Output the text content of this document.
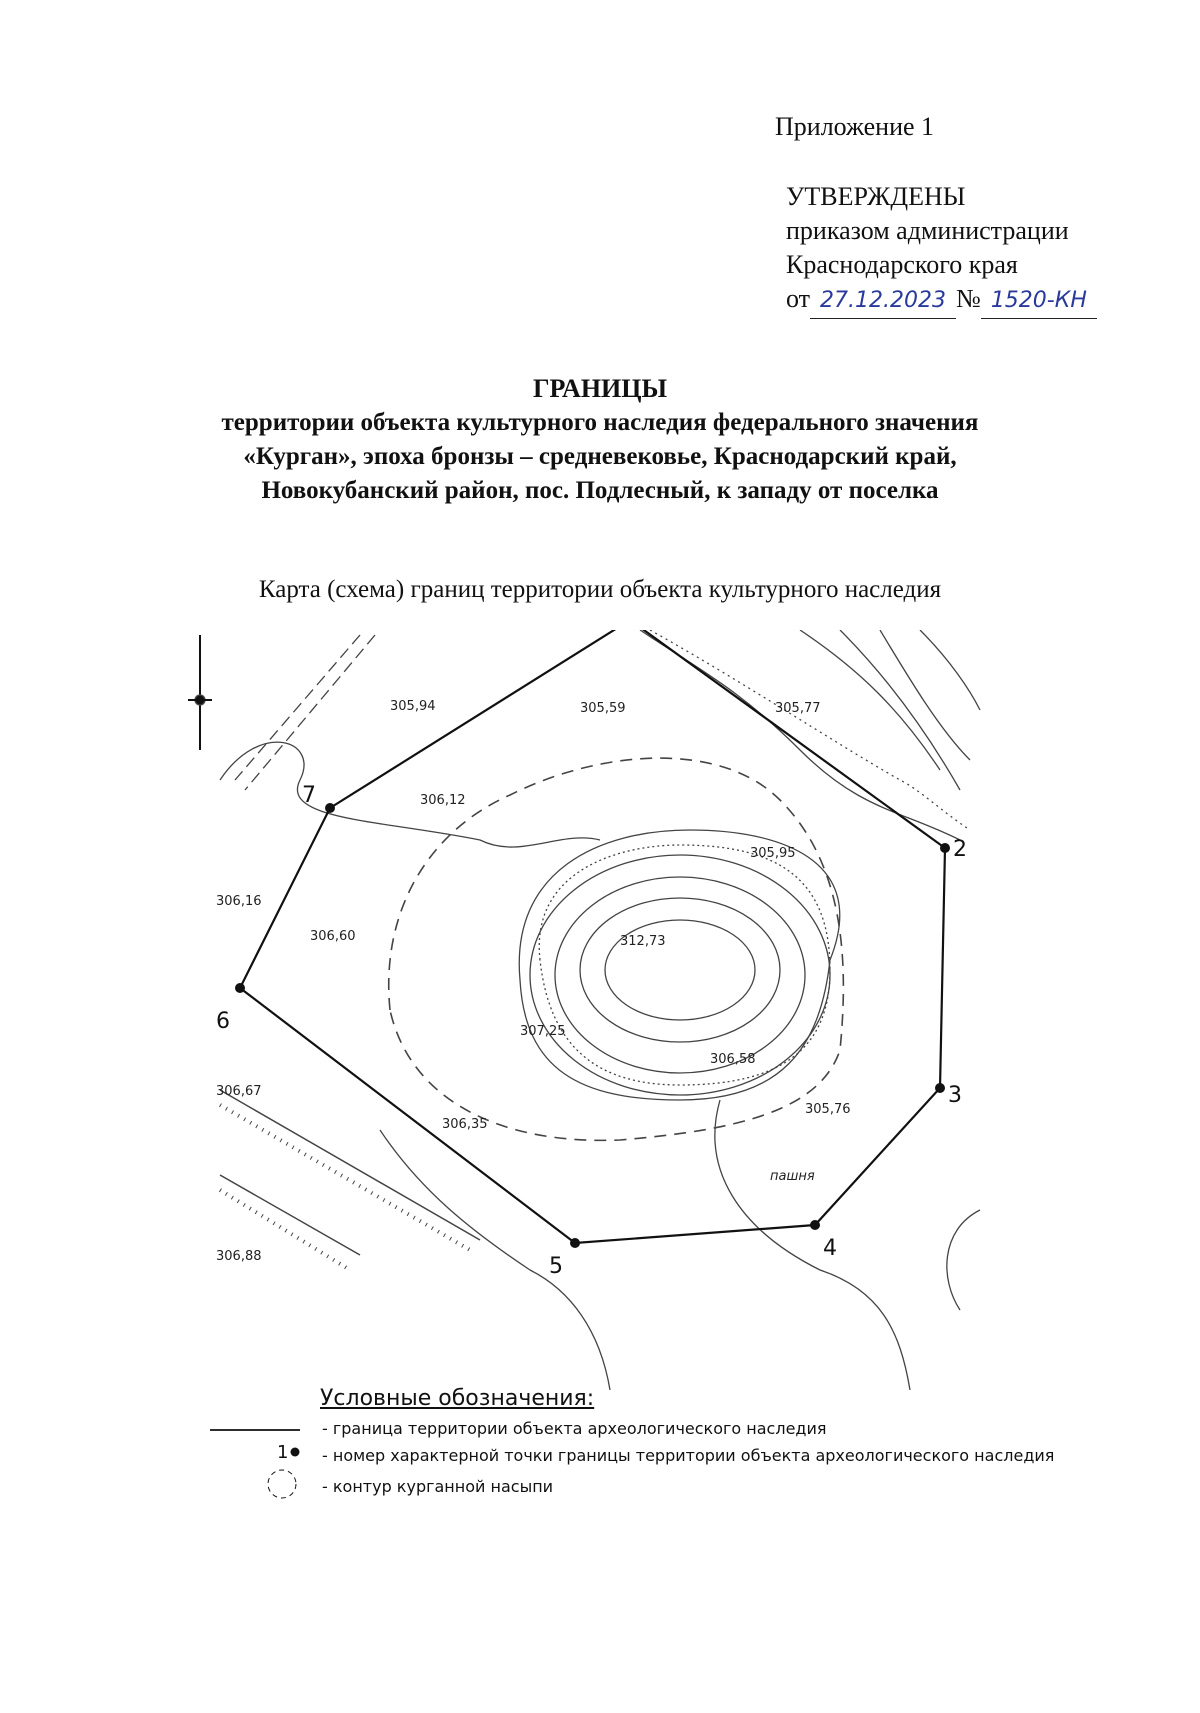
Приложение 1
УТВЕРЖДЕНЫ
приказом администрации
Краснодарского края
от 27.12.2023 № 1520-КН
ГРАНИЦЫ
территории объекта культурного наследия федерального значения
«Курган», эпоха бронзы – средневековье, Краснодарский край,
Новокубанский район, пос. Подлесный, к западу от поселка
Карта (схема) границ территории объекта культурного наследия
2
3
4
5
6
7
пашня
305,94	305,59	305,77
306,12
305,95
306,16
306,60	312,73
307,25
306,58
306,67
306,35
305,76
306,88
Условные обозначения:
1
- граница территории объекта археологического наследия
- номер характерной точки границы территории объекта археологического наследия
- контур курганной насыпи
